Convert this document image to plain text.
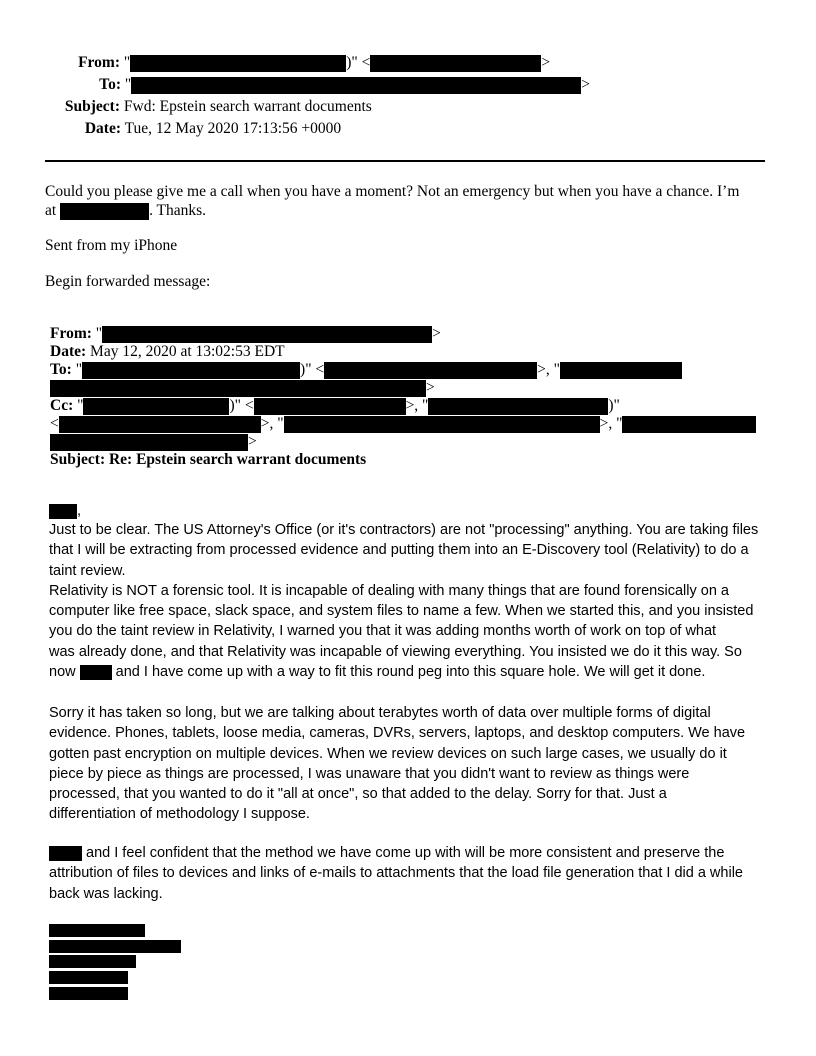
From: "	)" <	>
To: "	>
Subject: Fwd: Epstein search warrant documents
Date: Tue, 12 May 2020 17:13:56 +0000
Could you please give me a call when you have a moment? Not an emergency but when you have a chance. I’m
at	. Thanks.
Sent from my iPhone
Begin forwarded message:
From: "	>
Date: May 12, 2020 at 13:02:53 EDT
To: "	)" <	>, "
>
Cc: "	)" <	>, "	)"
<	>, "	>, "
>
Subject: Re: Epstein search warrant documents
,

Just to be clear. The US Attorney's Office (or it's contractors) are not "processing" anything. You are taking files

that I will be extracting from processed evidence and putting them into an E-Discovery tool (Relativity) to do a

taint review.

Relativity is NOT a forensic tool. It is incapable of dealing with many things that are found forensically on a

computer like free space, slack space, and system files to name a few. When we started this, and you insisted

you do the taint review in Relativity, I warned you that it was adding months worth of work on top of what

was already done, and that Relativity was incapable of viewing everything. You insisted we do it this way. So

now	and I have come up with a way to fit this round peg into this square hole. We will get it done.

Sorry it has taken so long, but we are talking about terabytes worth of data over multiple forms of digital

evidence. Phones, tablets, loose media, cameras, DVRs, servers, laptops, and desktop computers. We have

gotten past encryption on multiple devices. When we review devices on such large cases, we usually do it

piece by piece as things are processed, I was unaware that you didn't want to review as things were

processed, that you wanted to do it "all at once", so that added to the delay. Sorry for that. Just a

differentiation of methodology I suppose.

and I feel confident that the method we have come up with will be more consistent and preserve the

attribution of files to devices and links of e-mails to attachments that the load file generation that I did a while

back was lacking.
